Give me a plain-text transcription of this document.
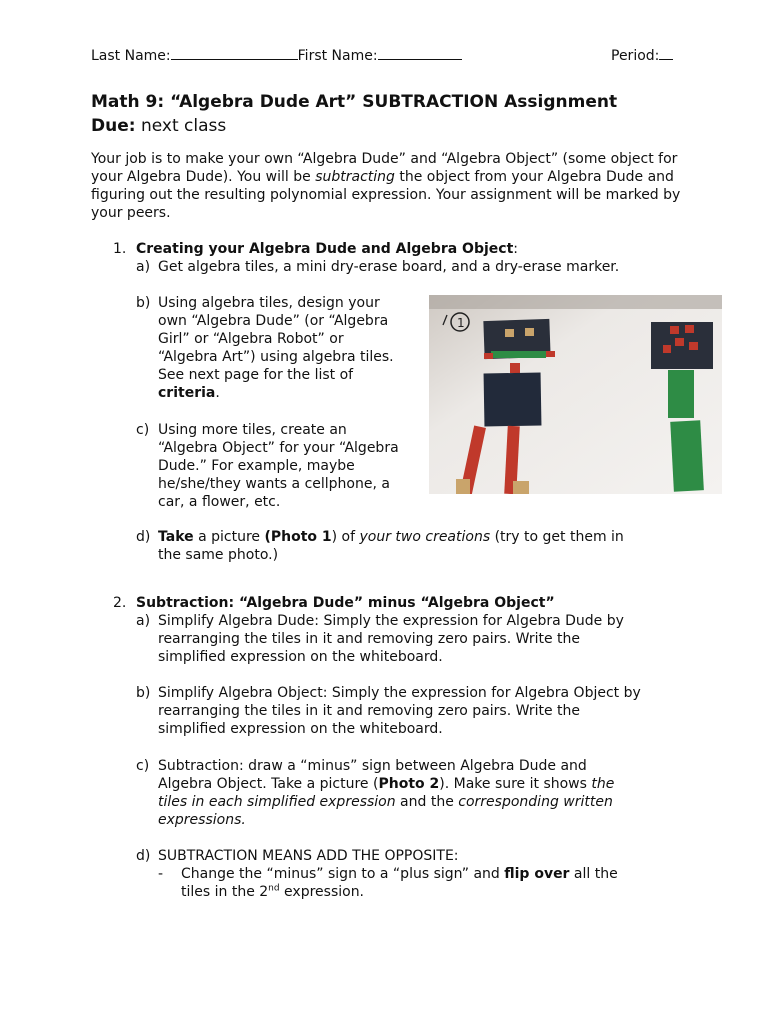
Last Name:	First Name:	Period:
Math 9: “Algebra Dude Art” SUBTRACTION Assignment
Due: next class
Your job is to make your own “Algebra Dude” and “Algebra Object” (some object for your Algebra Dude). You will be subtracting the object from your Algebra Dude and figuring out the resulting polynomial expression. Your assignment will be marked by your peers.
1. Creating your Algebra Dude and Algebra Object:
a) Get algebra tiles, a mini dry-erase board, and a dry-erase marker.
b) Using algebra tiles, design your
own “Algebra Dude” (or “Algebra
Girl” or “Algebra Robot” or
“Algebra Art”) using algebra tiles.
See next page for the list of
criteria.
c) Using more tiles, create an
“Algebra Object” for your “Algebra
Dude.” For example, maybe
he/she/they wants a cellphone, a
car, a flower, etc.
1
d) Take a picture (Photo 1) of your two creations (try to get them in
the same photo.)
2. Subtraction: “Algebra Dude” minus “Algebra Object”
a) Simplify Algebra Dude: Simply the expression for Algebra Dude by
rearranging the tiles in it and removing zero pairs. Write the
simplified expression on the whiteboard.
b) Simplify Algebra Object: Simply the expression for Algebra Object by
rearranging the tiles in it and removing zero pairs. Write the
simplified expression on the whiteboard.
c) Subtraction: draw a “minus” sign between Algebra Dude and
Algebra Object. Take a picture (Photo 2). Make sure it shows the
tiles in each simplified expression and the corresponding written
expressions.
d) SUBTRACTION MEANS ADD THE OPPOSITE:
- Change the “minus” sign to a “plus sign” and flip over all the
tiles in the 2nd expression.
